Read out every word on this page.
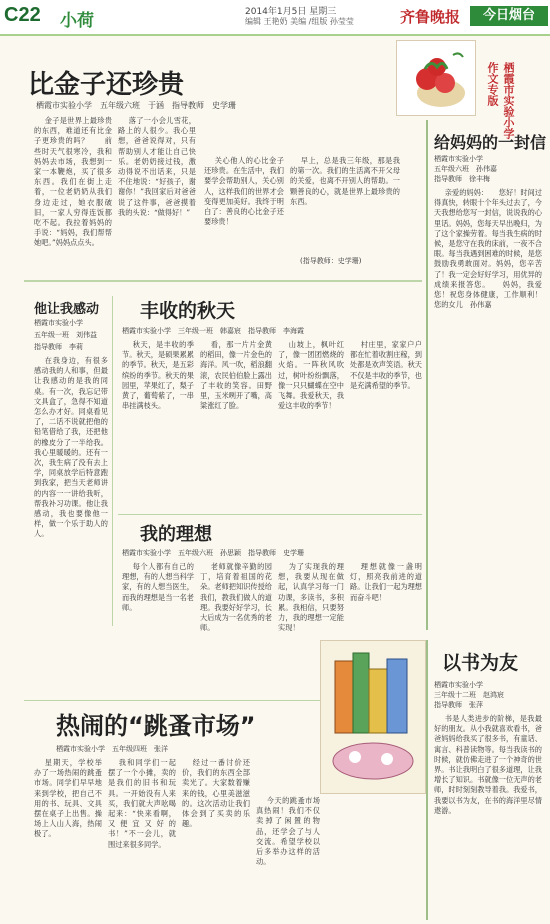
C22 小荷	2014年1月5日 星期三
编辑 王艳奶 美编 /组版 孙莹莹	齐鲁晚报	今日烟台
比金子还珍贵
栖霞市实验小学　五年级六班　于涵　指导教师　史学珊	栖霞市实验小学作文专版

金子是世界上最珍贵的东西，难道还有比金子更珍贵的吗？　　前些时天气很寒冷，我和妈妈去市场，我想到一家一本鞭炮，买了很多东西。我们在街上走着，一位老奶奶从我们身边走过，她衣服破旧，一家人穷得连饭都吃不起。我拉着妈妈的手说：“妈妈，我们帮帮她吧。”妈妈点点头。

落了一小会儿雪花，路上的人很少。我心里想，爸爸说得对，只有帮助别人才能让自己快乐。老奶奶接过钱，激动得说不出话来，只是不住地说：“好孩子，谢谢你！”我回家后对爸爸说了这件事，爸爸摸着我的头说：“做得好！”

关心他人的心比金子还珍贵。在生活中，我们要学会帮助别人，关心别人，这样我们的世界才会变得更加美好。我终于明白了：善良的心比金子还要珍贵！

早上，总是我三年级，那是我的第一次。我们的生活离不开父母的关爱，也离不开别人的帮助。一颗善良的心，就是世界上最珍贵的东西。

(指导教师：史学珊)
给妈妈的一封信
栖霞市实验小学
五年级六班　孙伟嘉
指导教师　徐丰梅

亲爱的妈妈：　　您好！时间过得真快，转眼十个年头过去了，今天我想给您写一封信，说说我的心里话。妈妈，您每天早出晚归，为了这个家操劳着。每当我生病的时候，是您守在我的床前，一夜不合眼。每当我遇到困难的时候，是您鼓励我勇敢面对。妈妈，您辛苦了！我一定会好好学习，用优异的成绩来报答您。　　妈妈，我爱您！祝您身体健康，工作顺利！　　　　　　　　　您的女儿　孙伟嘉

他让我感动
栖霞市实验小学
五年级一班　刘伟益
指导教师　李莉

在我身边，有很多感动我的人和事，但最让我感动的是我的同桌。有一次，我忘记带文具盒了，急得不知道怎么办才好。同桌看见了，二话不说就把他的铅笔借给了我，还把他的橡皮分了一半给我。我心里暖暖的。还有一次，我生病了没有去上学，同桌放学后特意跑到我家，把当天老师讲的内容一一讲给我听，帮我补习功课。他让我感动，我也要像他一样，做一个乐于助人的人。

丰收的秋天
栖霞市实验小学　三年级一班　韩嘉宸　指导教师　李海霞

秋天，是丰收的季节。秋天，是硕果累累的季节。秋天，是五彩缤纷的季节。秋天的果园里，苹果红了，梨子黄了，葡萄紫了，一串串挂满枝头。

看，那一片片金黄的稻田，像一片金色的海洋。风一吹，稻浪翻滚，农民伯伯脸上露出了丰收的笑容。田野里，玉米咧开了嘴，高粱涨红了脸。

山坡上，枫叶红了，像一团团燃烧的火焰。一阵秋风吹过，树叶纷纷飘落，像一只只蝴蝶在空中飞舞。我爱秋天，我爱这丰收的季节！

村庄里，家家户户都在忙着收割庄稼，到处都是欢声笑语。秋天不仅是丰收的季节，也是充满希望的季节。

我的理想
栖霞市实验小学　五年级六班　孙思颖　指导教师　史学珊

每个人都有自己的理想，有的人想当科学家，有的人想当医生，而我的理想是当一名老师。

老师就像辛勤的园丁，培育着祖国的花朵。老师把知识传授给我们，教我们做人的道理。我要好好学习，长大后成为一名优秀的老师。

为了实现我的理想，我要从现在做起，认真学习每一门功课，多读书，多积累。我相信，只要努力，我的理想一定能实现！

理想就像一盏明灯，照亮我前进的道路。让我们一起为理想而奋斗吧！

以书为友
栖霞市实验小学
三年级十二班　赵鸿宸
指导教师　张萍

书是人类进步的阶梯，是我最好的朋友。从小我就喜欢看书，爸爸妈妈给我买了很多书，有童话、寓言、科普读物等。每当我读书的时候，就仿佛走进了一个神奇的世界。书让我明白了很多道理，让我增长了知识。书就像一位无声的老师，时时刻刻教导着我。我爱书，我要以书为友，在书的海洋里尽情遨游。

热闹的“跳蚤市场”
栖霞市实验小学　五年级四班　张洋

星期天，学校举办了一场热闹的跳蚤市场。同学们早早地来到学校，把自己不用的书、玩具、文具摆在桌子上出售。操场上人山人海，热闹极了。

我和同学们一起摆了一个小摊，卖的是我们的旧书和玩具。一开始没有人来买，我们就大声吆喝起来：“快来看啊，又便宜又好的书！”不一会儿，就围过来很多同学。

经过一番讨价还价，我们的东西全部卖光了。大家数着赚来的钱，心里美滋滋的。这次活动让我们体会到了买卖的乐趣。

今天的跳蚤市场真热闹！我们不仅卖掉了闲置的物品，还学会了与人交流。希望学校以后多举办这样的活动。
